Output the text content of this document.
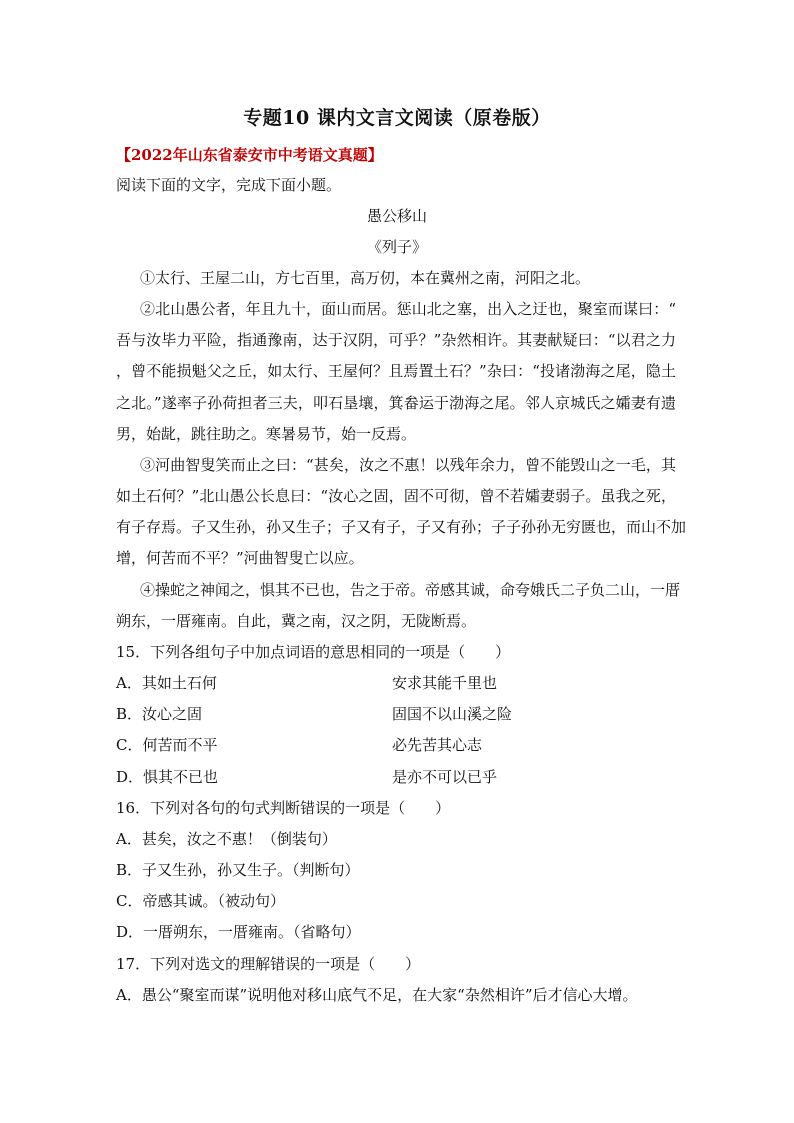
专题10 课内文言文阅读（原卷版）
【2022年山东省泰安市中考语文真题】
阅读下面的文字，完成下面小题。
愚公移山
《列子》
①太行、王屋二山，方七百里，高万仞，本在冀州之南，河阳之北。
②北山愚公者，年且九十，面山而居。惩山北之塞，出入之迂也，聚室而谋曰：“
吾与汝毕力平险，指通豫南，达于汉阴，可乎？”杂然相许。其妻献疑曰：“以君之力
，曾不能损魁父之丘，如太行、王屋何？且焉置土石？”杂曰：“投诸渤海之尾，隐土
之北。”遂率子孙荷担者三夫，叩石垦壤，箕畚运于渤海之尾。邻人京城氏之孀妻有遗
男，始龀，跳往助之。寒暑易节，始一反焉。
③河曲智叟笑而止之曰：“甚矣，汝之不惠！以残年余力，曾不能毁山之一毛，其
如土石何？”北山愚公长息曰：“汝心之固，固不可彻，曾不若孀妻弱子。虽我之死，
有子存焉。子又生孙，孙又生子；子又有子，子又有孙；子子孙孙无穷匮也，而山不加
增，何苦而不平？”河曲智叟亡以应。
④操蛇之神闻之，惧其不已也，告之于帝。帝感其诚，命夸娥氏二子负二山，一厝
朔东，一厝雍南。自此，冀之南，汉之阴，无陇断焉。
15．下列各组句子中加点词语的意思相同的一项是（　　）
A．其如土石何	安求其能千里也
B．汝心之固	固国不以山溪之险
C．何苦而不平	必先苦其心志
D．惧其不已也	是亦不可以已乎
16．下列对各句的句式判断错误的一项是（　　）
A．甚矣，汝之不惠！（倒装句）
B．子又生孙，孙又生子。（判断句）
C．帝感其诚。（被动句）
D．一厝朔东，一厝雍南。（省略句）
17．下列对选文的理解错误的一项是（　　）
A．愚公“聚室而谋”说明他对移山底气不足，在大家“杂然相许”后才信心大增。
